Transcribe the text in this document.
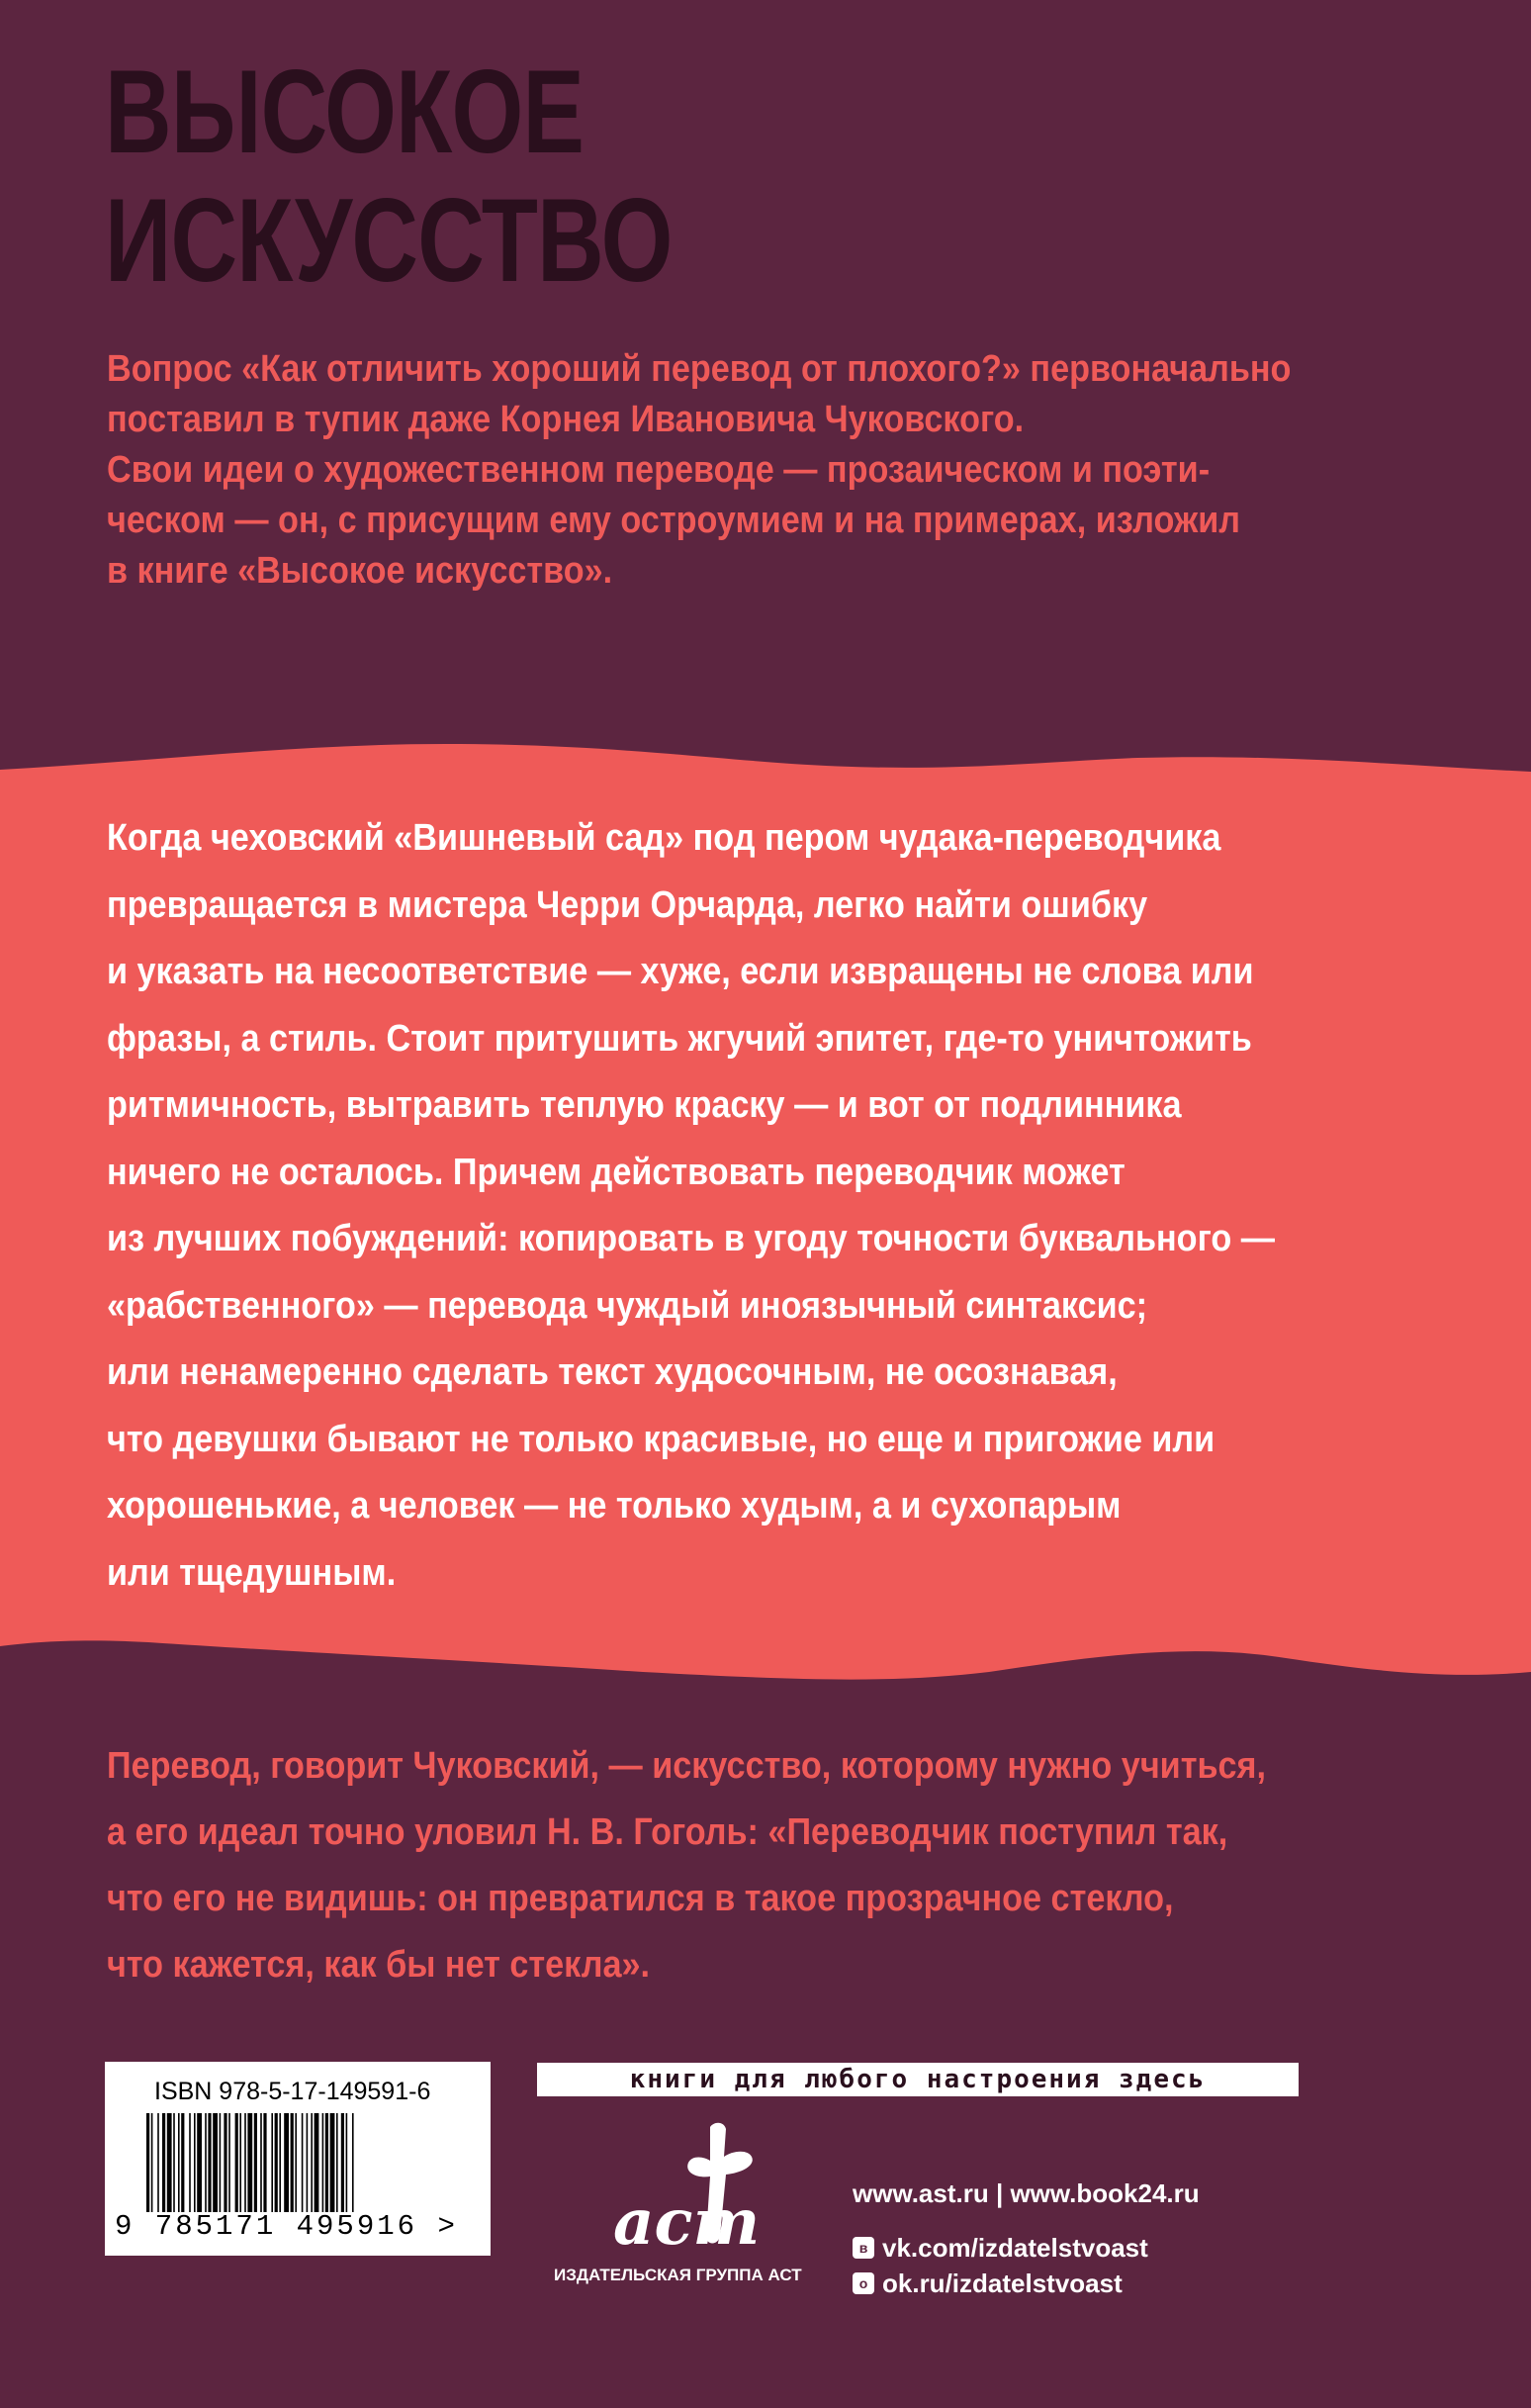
ВЫСОКОЕ
ИСКУССТВО

Вопрос «Как отличить хороший перевод от плохого?» первоначально
поставил в тупик даже Корнея Ивановича Чуковского.
Свои идеи о художественном переводе — прозаическом и поэти-
ческом — он, с присущим ему остроумием и на примерах, изложил
в книге «Высокое искусство».

Когда чеховский «Вишневый сад» под пером чудака-переводчика
превращается в мистера Черри Орчарда, легко найти ошибку
и указать на несоответствие — хуже, если извращены не слова или
фразы, а стиль. Стоит притушить жгучий эпитет, где-то уничтожить
ритмичность, вытравить теплую краску — и вот от подлинника
ничего не осталось. Причем действовать переводчик может
из лучших побуждений: копировать в угоду точности буквального —
«рабственного» — перевода чуждый иноязычный синтаксис;
или ненамеренно сделать текст худосочным, не осознавая,
что девушки бывают не только красивые, но еще и пригожие или
хорошенькие, а человек — не только худым, а и сухопарым
или тщедушным.

Перевод, говорит Чуковский, — искусство, которому нужно учиться,
а его идеал точно уловил Н. В. Гоголь: «Переводчик поступил так,
что его не видишь: он превратился в такое прозрачное стекло,
что кажется, как бы нет стекла».

ISBN 978-5-17-149591-6
9 785171 495916 >
книги для любого настроения здесь
аст
ИЗДАТЕЛЬСКАЯ ГРУППА АСТ
www.ast.ru | www.book24.ru
в vk.com/izdatelstvoast
о ok.ru/izdatelstvoast
